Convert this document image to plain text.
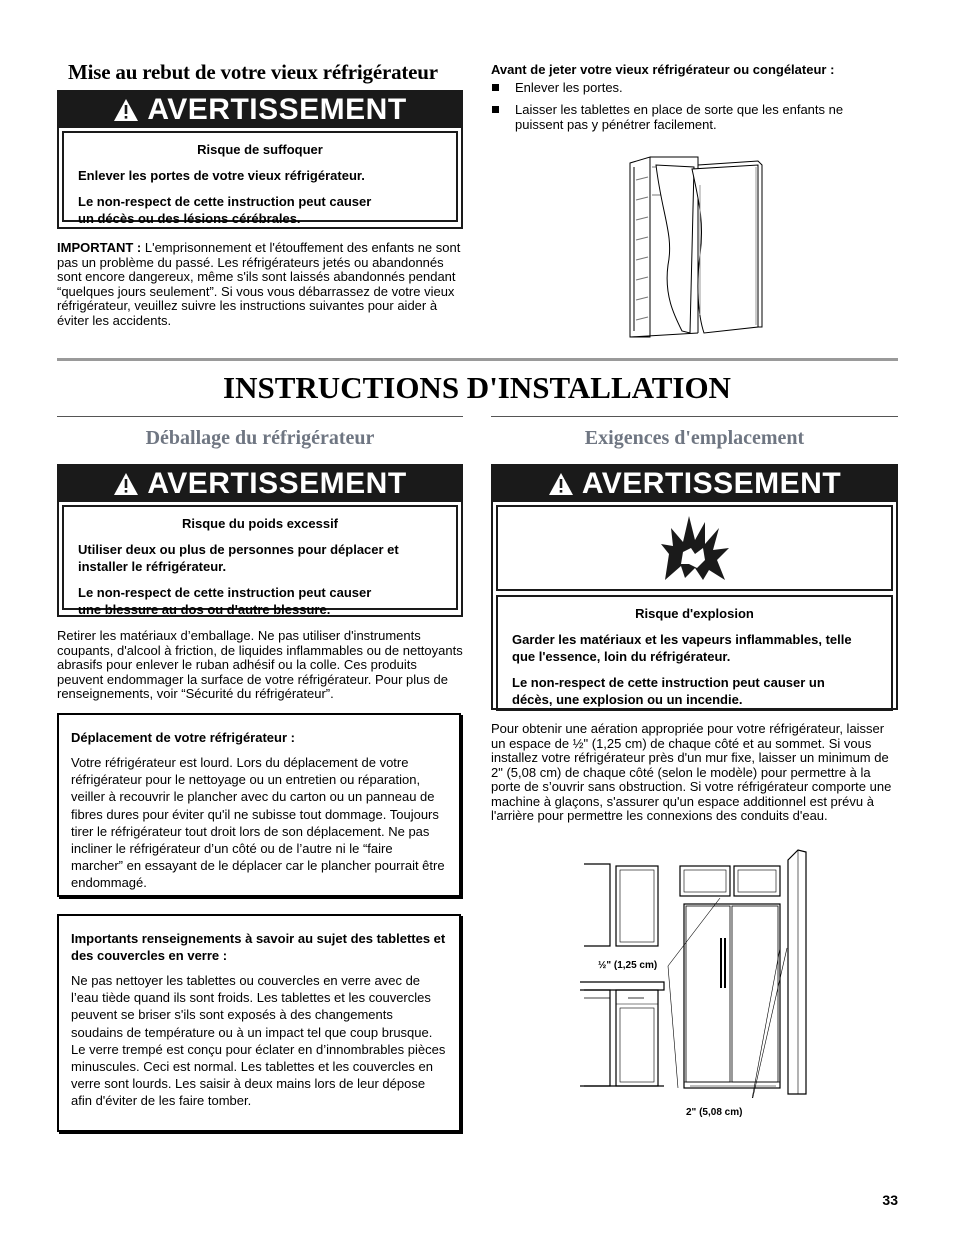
Mise au rebut de votre vieux réfrigérateur
AVERTISSEMENT

Risque de suffoquer

Enlever les portes de votre vieux réfrigérateur.

Le non-respect de cette instruction peut causer un décès ou des lésions cérébrales.

IMPORTANT : L'emprisonnement et l'étouffement des enfants ne sont pas un problème du passé. Les réfrigérateurs jetés ou abandonnés sont encore dangereux, même s'ils sont laissés abandonnés pendant “quelques jours seulement”. Si vous vous débarrassez de votre vieux réfrigérateur, veuillez suivre les instructions suivantes pour aider à éviter les accidents.
Avant de jeter votre vieux réfrigérateur ou congélateur :
Enlever les portes.
Laisser les tablettes en place de sorte que les enfants ne puissent pas y pénétrer facilement.
INSTRUCTIONS D'INSTALLATION
Déballage du réfrigérateur
AVERTISSEMENT

Risque du poids excessif

Utiliser deux ou plus de personnes pour déplacer et installer le réfrigérateur.

Le non-respect de cette instruction peut causer une blessure au dos ou d'autre blessure.

Retirer les matériaux d’emballage. Ne pas utiliser d'instruments coupants, d'alcool à friction, de liquides inflammables ou de nettoyants abrasifs pour enlever le ruban adhésif ou la colle. Ces produits peuvent endommager la surface de votre réfrigérateur. Pour plus de renseignements, voir “Sécurité du réfrigérateur”.
Déplacement de votre réfrigérateur :
Votre réfrigérateur est lourd. Lors du déplacement de votre réfrigérateur pour le nettoyage ou un entretien ou réparation, veiller à recouvrir le plancher avec du carton ou un panneau de fibres dures pour éviter qu'il ne subisse tout dommage. Toujours tirer le réfrigérateur tout droit lors de son déplacement. Ne pas incliner le réfrigérateur d’un côté ou de l’autre ni le “faire marcher” en essayant de le déplacer car le plancher pourrait être endommagé.
Importants renseignements à savoir au sujet des tablettes et des couvercles en verre :
Ne pas nettoyer les tablettes ou couvercles en verre avec de l’eau tiède quand ils sont froids. Les tablettes et les couvercles peuvent se briser s'ils sont exposés à des changements soudains de température ou à un impact tel que coup brusque. Le verre trempé est conçu pour éclater en d’innombrables pièces minuscules. Ceci est normal. Les tablettes et les couvercles en verre sont lourds. Les saisir à deux mains lors de leur dépose afin d'éviter de les faire tomber.
Exigences d'emplacement
AVERTISSEMENT

Risque d'explosion

Garder les matériaux et les vapeurs inflammables, telle que l'essence, loin du réfrigérateur.

Le non-respect de cette instruction peut causer un décès, une explosion ou un incendie.

Pour obtenir une aération appropriée pour votre réfrigérateur, laisser un espace de ½" (1,25 cm) de chaque côté et au sommet. Si vous installez votre réfrigérateur près d'un mur fixe, laisser un minimum de 2" (5,08 cm) de chaque côté (selon le modèle) pour permettre à la porte de s’ouvrir sans obstruction. Si votre réfrigérateur comporte une machine à glaçons, s'assurer qu'un espace additionnel est prévu à l'arrière pour permettre les connexions des conduits d'eau.
½" (1,25 cm)
2" (5,08 cm)
33
